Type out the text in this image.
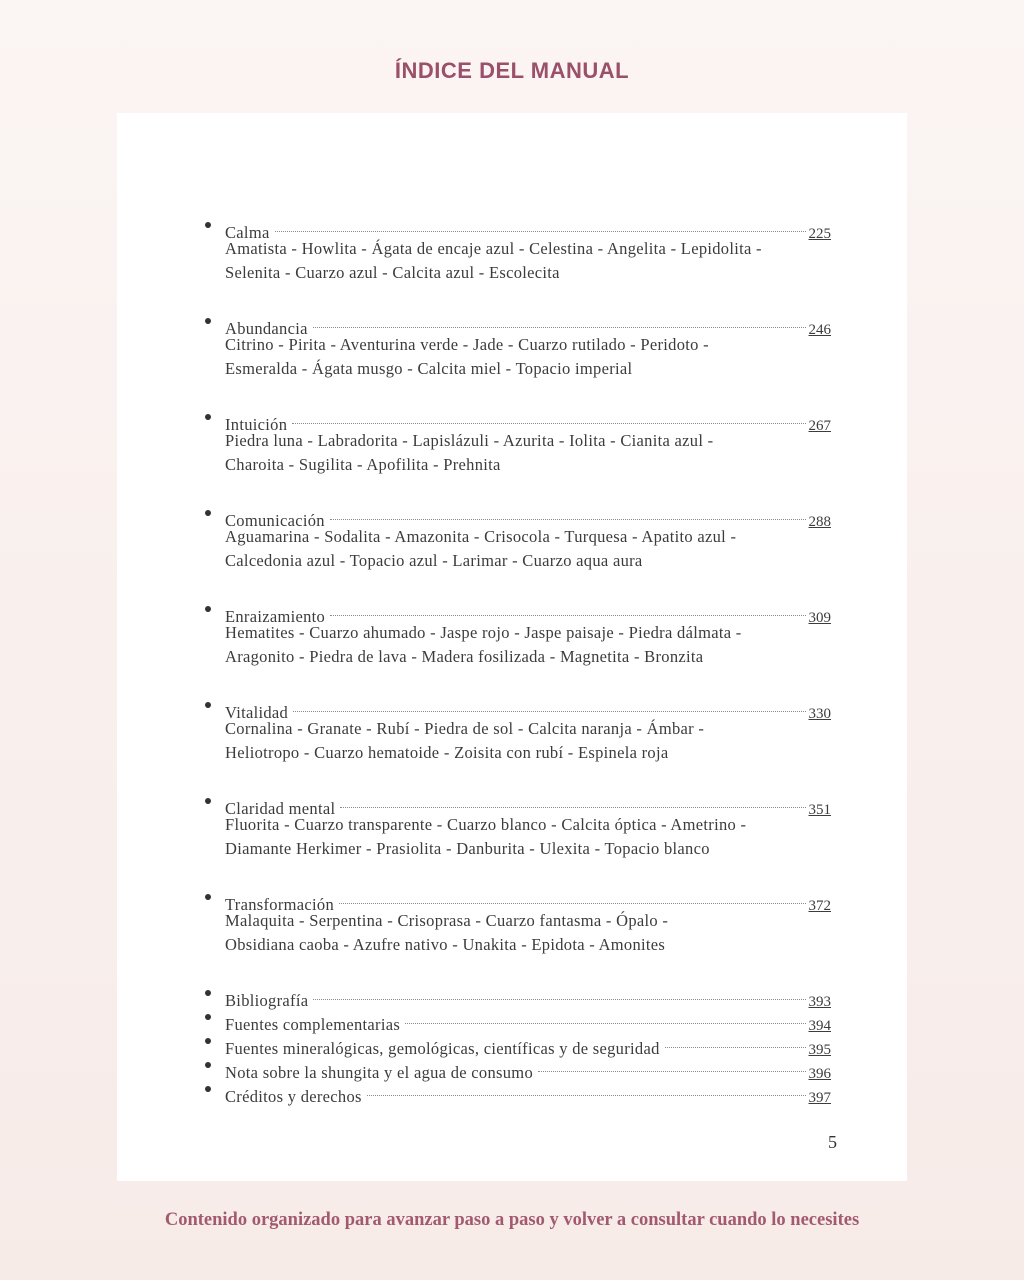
ÍNDICE DEL MANUAL
Calma	225
Amatista - Howlita - Ágata de encaje azul - Celestina - Angelita - Lepidolita -
Selenita - Cuarzo azul - Calcita azul - Escolecita
Abundancia	246
Citrino - Pirita - Aventurina verde - Jade - Cuarzo rutilado - Peridoto -
Esmeralda - Ágata musgo - Calcita miel - Topacio imperial
Intuición	267
Piedra luna - Labradorita - Lapislázuli - Azurita - Iolita - Cianita azul -
Charoita - Sugilita - Apofilita - Prehnita
Comunicación	288
Aguamarina - Sodalita - Amazonita - Crisocola - Turquesa - Apatito azul -
Calcedonia azul - Topacio azul - Larimar - Cuarzo aqua aura
Enraizamiento	309
Hematites - Cuarzo ahumado - Jaspe rojo - Jaspe paisaje - Piedra dálmata -
Aragonito - Piedra de lava - Madera fosilizada - Magnetita - Bronzita
Vitalidad	330
Cornalina - Granate - Rubí - Piedra de sol - Calcita naranja - Ámbar -
Heliotropo - Cuarzo hematoide - Zoisita con rubí - Espinela roja
Claridad mental	351
Fluorita - Cuarzo transparente - Cuarzo blanco - Calcita óptica - Ametrino -
Diamante Herkimer - Prasiolita - Danburita - Ulexita - Topacio blanco
Transformación	372
Malaquita - Serpentina - Crisoprasa - Cuarzo fantasma - Ópalo -
Obsidiana caoba - Azufre nativo - Unakita - Epidota - Amonites
Bibliografía	393
Fuentes complementarias	394
Fuentes mineralógicas, gemológicas, científicas y de seguridad	395
Nota sobre la shungita y el agua de consumo	396
Créditos y derechos	397
5

Contenido organizado para avanzar paso a paso y volver a consultar cuando lo necesites
